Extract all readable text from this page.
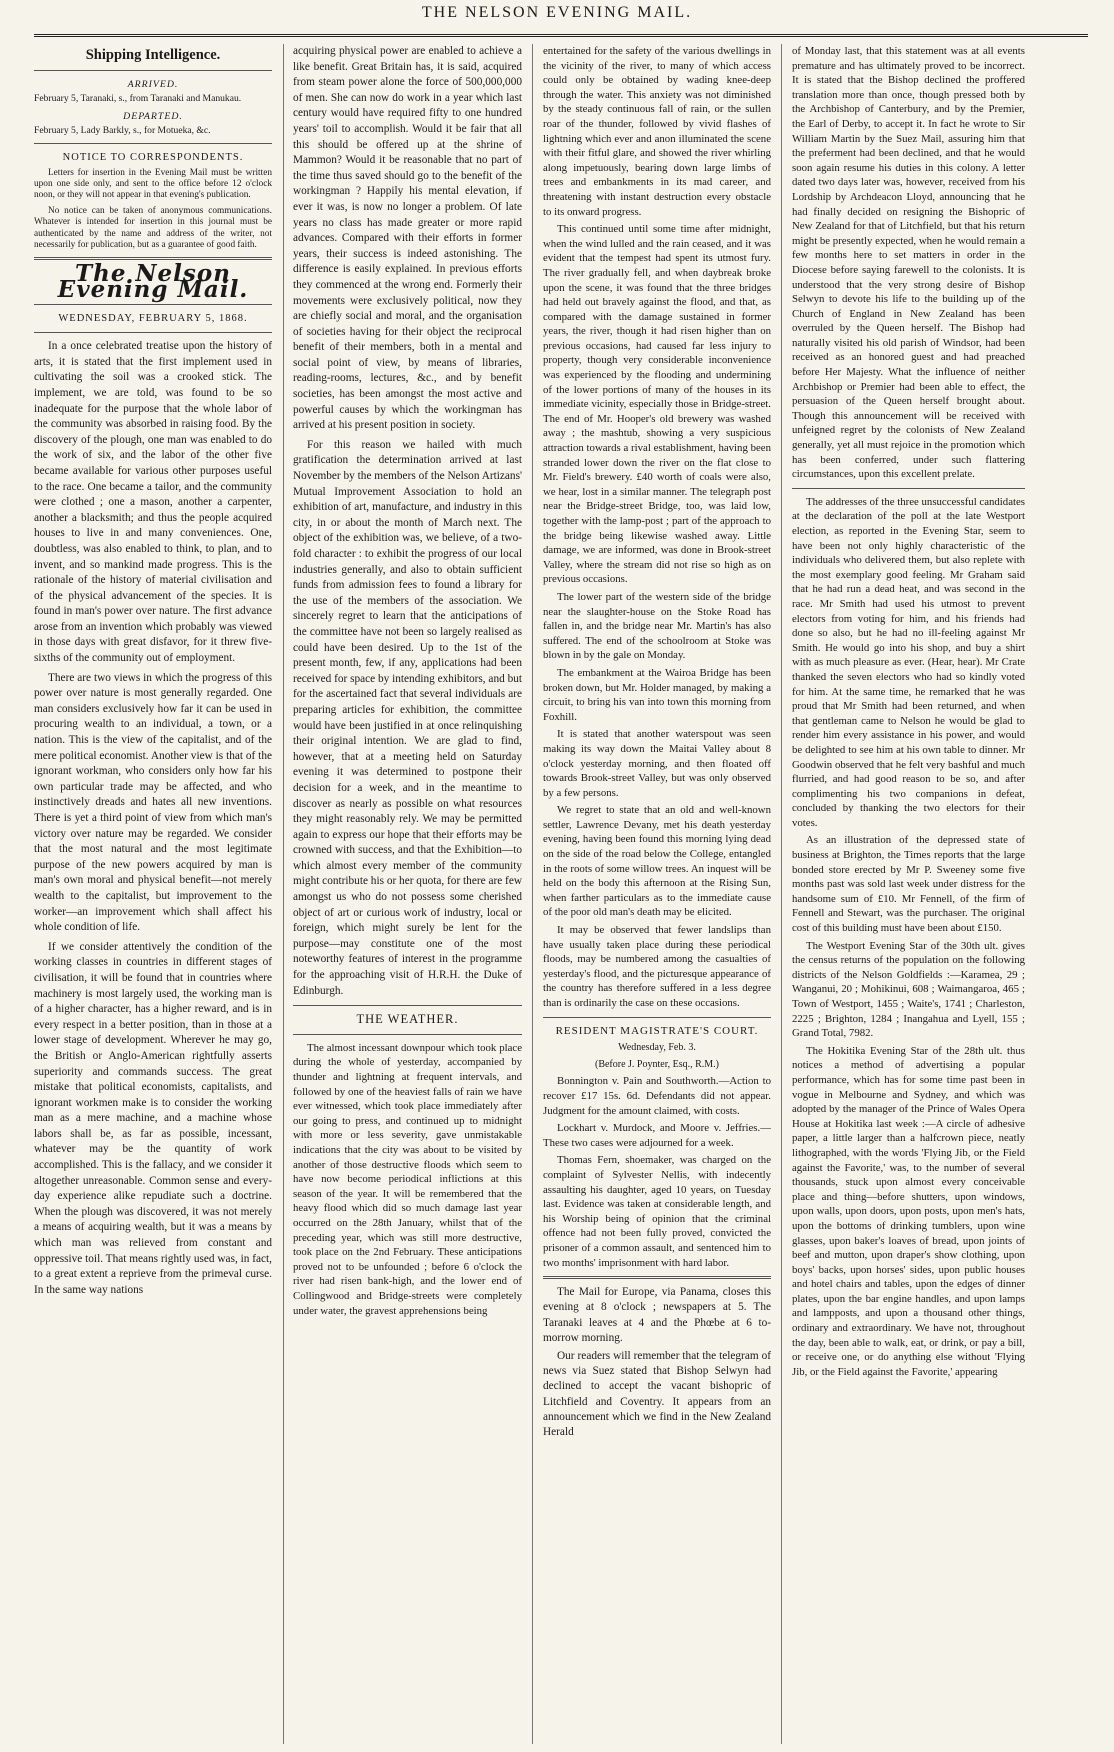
THE NELSON EVENING MAIL.
Shipping Intelligence.
ARRIVED.

February 5, Taranaki, s., from Taranaki and Manukau.

DEPARTED.

February 5, Lady Barkly, s., for Motueka, &c.

NOTICE TO CORRESPONDENTS.

Letters for insertion in the Evening Mail must be written upon one side only, and sent to the office before 12 o'clock noon, or they will not appear in that evening's publication.

No notice can be taken of anonymous communications. Whatever is intended for insertion in this journal must be authenticated by the name and address of the writer, not necessarily for publication, but as a guarantee of good faith.

The Nelson Evening Mail.
WEDNESDAY, FEBRUARY 5, 1868.

In a once celebrated treatise upon the history of arts, it is stated that the first implement used in cultivating the soil was a crooked stick. The implement, we are told, was found to be so inadequate for the purpose that the whole labor of the community was absorbed in raising food. By the discovery of the plough, one man was enabled to do the work of six, and the labor of the other five became available for various other purposes useful to the race. One became a tailor, and the community were clothed ; one a mason, another a carpenter, another a blacksmith; and thus the people acquired houses to live in and many conveniences. One, doubtless, was also enabled to think, to plan, and to invent, and so mankind made progress. This is the rationale of the history of material civilisation and of the physical advancement of the species. It is found in man's power over nature. The first advance arose from an invention which probably was viewed in those days with great disfavor, for it threw five-sixths of the community out of employment.

There are two views in which the progress of this power over nature is most generally regarded. One man considers exclusively how far it can be used in procuring wealth to an individual, a town, or a nation. This is the view of the capitalist, and of the mere political economist. Another view is that of the ignorant workman, who considers only how far his own particular trade may be affected, and who instinctively dreads and hates all new inventions. There is yet a third point of view from which man's victory over nature may be regarded. We consider that the most natural and the most legitimate purpose of the new powers acquired by man is man's own moral and physical benefit—not merely wealth to the capitalist, but improvement to the worker—an improvement which shall affect his whole condition of life.

If we consider attentively the condition of the working classes in countries in different stages of civilisation, it will be found that in countries where machinery is most largely used, the working man is of a higher character, has a higher reward, and is in every respect in a better position, than in those at a lower stage of development. Wherever he may go, the British or Anglo-American rightfully asserts superiority and commands success. The great mistake that political economists, capitalists, and ignorant workmen make is to consider the working man as a mere machine, and a machine whose labors shall be, as far as possible, incessant, whatever may be the quantity of work accomplished. This is the fallacy, and we consider it altogether unreasonable. Common sense and every-day experience alike repudiate such a doctrine. When the plough was discovered, it was not merely a means of acquiring wealth, but it was a means by which man was relieved from constant and oppressive toil. That means rightly used was, in fact, to a great extent a reprieve from the primeval curse. In the same way nations

acquiring physical power are enabled to achieve a like benefit. Great Britain has, it is said, acquired from steam power alone the force of 500,000,000 of men. She can now do work in a year which last century would have required fifty to one hundred years' toil to accomplish. Would it be fair that all this should be offered up at the shrine of Mammon? Would it be reasonable that no part of the time thus saved should go to the benefit of the workingman ? Happily his mental elevation, if ever it was, is now no longer a problem. Of late years no class has made greater or more rapid advances. Compared with their efforts in former years, their success is indeed astonishing. The difference is easily explained. In previous efforts they commenced at the wrong end. Formerly their movements were exclusively political, now they are chiefly social and moral, and the organisation of societies having for their object the reciprocal benefit of their members, both in a mental and social point of view, by means of libraries, reading-rooms, lectures, &c., and by benefit societies, has been amongst the most active and powerful causes by which the workingman has arrived at his present position in society.

For this reason we hailed with much gratification the determination arrived at last November by the members of the Nelson Artizans' Mutual Improvement Association to hold an exhibition of art, manufacture, and industry in this city, in or about the month of March next. The object of the exhibition was, we believe, of a two-fold character : to exhibit the progress of our local industries generally, and also to obtain sufficient funds from admission fees to found a library for the use of the members of the association. We sincerely regret to learn that the anticipations of the committee have not been so largely realised as could have been desired. Up to the 1st of the present month, few, if any, applications had been received for space by intending exhibitors, and but for the ascertained fact that several individuals are preparing articles for exhibition, the committee would have been justified in at once relinquishing their original intention. We are glad to find, however, that at a meeting held on Saturday evening it was determined to postpone their decision for a week, and in the meantime to discover as nearly as possible on what resources they might reasonably rely. We may be permitted again to express our hope that their efforts may be crowned with success, and that the Exhibition—to which almost every member of the community might contribute his or her quota, for there are few amongst us who do not possess some cherished object of art or curious work of industry, local or foreign, which might surely be lent for the purpose—may constitute one of the most noteworthy features of interest in the programme for the approaching visit of H.R.H. the Duke of Edinburgh.

THE WEATHER.

The almost incessant downpour which took place during the whole of yesterday, accompanied by thunder and lightning at frequent intervals, and followed by one of the heaviest falls of rain we have ever witnessed, which took place immediately after our going to press, and continued up to midnight with more or less severity, gave unmistakable indications that the city was about to be visited by another of those destructive floods which seem to have now become periodical inflictions at this season of the year. It will be remembered that the heavy flood which did so much damage last year occurred on the 28th January, whilst that of the preceding year, which was still more destructive, took place on the 2nd February. These anticipations proved not to be unfounded ; before 6 o'clock the river had risen bank-high, and the lower end of Collingwood and Bridge-streets were completely under water, the gravest apprehensions being

entertained for the safety of the various dwellings in the vicinity of the river, to many of which access could only be obtained by wading knee-deep through the water. This anxiety was not diminished by the steady continuous fall of rain, or the sullen roar of the thunder, followed by vivid flashes of lightning which ever and anon illuminated the scene with their fitful glare, and showed the river whirling along impetuously, bearing down large limbs of trees and embankments in its mad career, and threatening with instant destruction every obstacle to its onward progress.

This continued until some time after midnight, when the wind lulled and the rain ceased, and it was evident that the tempest had spent its utmost fury. The river gradually fell, and when daybreak broke upon the scene, it was found that the three bridges had held out bravely against the flood, and that, as compared with the damage sustained in former years, the river, though it had risen higher than on previous occasions, had caused far less injury to property, though very considerable inconvenience was experienced by the flooding and undermining of the lower portions of many of the houses in its immediate vicinity, especially those in Bridge-street. The end of Mr. Hooper's old brewery was washed away ; the mashtub, showing a very suspicious attraction towards a rival establishment, having been stranded lower down the river on the flat close to Mr. Field's brewery. £40 worth of coals were also, we hear, lost in a similar manner. The telegraph post near the Bridge-street Bridge, too, was laid low, together with the lamp-post ; part of the approach to the bridge being likewise washed away. Little damage, we are informed, was done in Brook-street Valley, where the stream did not rise so high as on previous occasions.

The lower part of the western side of the bridge near the slaughter-house on the Stoke Road has fallen in, and the bridge near Mr. Martin's has also suffered. The end of the schoolroom at Stoke was blown in by the gale on Monday.

The embankment at the Wairoa Bridge has been broken down, but Mr. Holder managed, by making a circuit, to bring his van into town this morning from Foxhill.

It is stated that another waterspout was seen making its way down the Maitai Valley about 8 o'clock yesterday morning, and then floated off towards Brook-street Valley, but was only observed by a few persons.

We regret to state that an old and well-known settler, Lawrence Devany, met his death yesterday evening, having been found this morning lying dead on the side of the road below the College, entangled in the roots of some willow trees. An inquest will be held on the body this afternoon at the Rising Sun, when farther particulars as to the immediate cause of the poor old man's death may be elicited.

It may be observed that fewer landslips than have usually taken place during these periodical floods, may be numbered among the casualties of yesterday's flood, and the picturesque appearance of the country has therefore suffered in a less degree than is ordinarily the case on these occasions.

RESIDENT MAGISTRATE'S COURT.
Wednesday, Feb. 3.
(Before J. Poynter, Esq., R.M.)

Bonnington v. Pain and Southworth.—Action to recover £17 15s. 6d. Defendants did not appear. Judgment for the amount claimed, with costs.

Lockhart v. Murdock, and Moore v. Jeffries.—These two cases were adjourned for a week.

Thomas Fern, shoemaker, was charged on the complaint of Sylvester Nellis, with indecently assaulting his daughter, aged 10 years, on Tuesday last. Evidence was taken at considerable length, and his Worship being of opinion that the criminal offence had not been fully proved, convicted the prisoner of a common assault, and sentenced him to two months' imprisonment with hard labor.

The Mail for Europe, via Panama, closes this evening at 8 o'clock ; newspapers at 5. The Taranaki leaves at 4 and the Phœbe at 6 to-morrow morning.

Our readers will remember that the telegram of news via Suez stated that Bishop Selwyn had declined to accept the vacant bishopric of Litchfield and Coventry. It appears from an announcement which we find in the New Zealand Herald

of Monday last, that this statement was at all events premature and has ultimately proved to be incorrect. It is stated that the Bishop declined the proffered translation more than once, though pressed both by the Archbishop of Canterbury, and by the Premier, the Earl of Derby, to accept it. In fact he wrote to Sir William Martin by the Suez Mail, assuring him that the preferment had been declined, and that he would soon again resume his duties in this colony. A letter dated two days later was, however, received from his Lordship by Archdeacon Lloyd, announcing that he had finally decided on resigning the Bishopric of New Zealand for that of Litchfield, but that his return might be presently expected, when he would remain a few months here to set matters in order in the Diocese before saying farewell to the colonists. It is understood that the very strong desire of Bishop Selwyn to devote his life to the building up of the Church of England in New Zealand has been overruled by the Queen herself. The Bishop had naturally visited his old parish of Windsor, had been received as an honored guest and had preached before Her Majesty. What the influence of neither Archbishop or Premier had been able to effect, the persuasion of the Queen herself brought about. Though this announcement will be received with unfeigned regret by the colonists of New Zealand generally, yet all must rejoice in the promotion which has been conferred, under such flattering circumstances, upon this excellent prelate.

The addresses of the three unsuccessful candidates at the declaration of the poll at the late Westport election, as reported in the Evening Star, seem to have been not only highly characteristic of the individuals who delivered them, but also replete with the most exemplary good feeling. Mr Graham said that he had run a dead heat, and was second in the race. Mr Smith had used his utmost to prevent electors from voting for him, and his friends had done so also, but he had no ill-feeling against Mr Smith. He would go into his shop, and buy a shirt with as much pleasure as ever. (Hear, hear). Mr Crate thanked the seven electors who had so kindly voted for him. At the same time, he remarked that he was proud that Mr Smith had been returned, and when that gentleman came to Nelson he would be glad to render him every assistance in his power, and would be delighted to see him at his own table to dinner. Mr Goodwin observed that he felt very bashful and much flurried, and had good reason to be so, and after complimenting his two companions in defeat, concluded by thanking the two electors for their votes.

As an illustration of the depressed state of business at Brighton, the Times reports that the large bonded store erected by Mr P. Sweeney some five months past was sold last week under distress for the handsome sum of £10. Mr Fennell, of the firm of Fennell and Stewart, was the purchaser. The original cost of this building must have been about £150.

The Westport Evening Star of the 30th ult. gives the census returns of the population on the following districts of the Nelson Goldfields :—Karamea, 29 ; Wanganui, 20 ; Mohikinui, 608 ; Waimangaroa, 465 ; Town of Westport, 1455 ; Waite's, 1741 ; Charleston, 2225 ; Brighton, 1284 ; Inangahua and Lyell, 155 ; Grand Total, 7982.

The Hokitika Evening Star of the 28th ult. thus notices a method of advertising a popular performance, which has for some time past been in vogue in Melbourne and Sydney, and which was adopted by the manager of the Prince of Wales Opera House at Hokitika last week :—A circle of adhesive paper, a little larger than a halfcrown piece, neatly lithographed, with the words 'Flying Jib, or the Field against the Favorite,' was, to the number of several thousands, stuck upon almost every conceivable place and thing—before shutters, upon windows, upon walls, upon doors, upon posts, upon men's hats, upon the bottoms of drinking tumblers, upon wine glasses, upon baker's loaves of bread, upon joints of beef and mutton, upon draper's show clothing, upon boys' backs, upon horses' sides, upon public houses and hotel chairs and tables, upon the edges of dinner plates, upon the bar engine handles, and upon lamps and lampposts, and upon a thousand other things, ordinary and extraordinary. We have not, throughout the day, been able to walk, eat, or drink, or pay a bill, or receive one, or do anything else without 'Flying Jib, or the Field against the Favorite,' appearing
